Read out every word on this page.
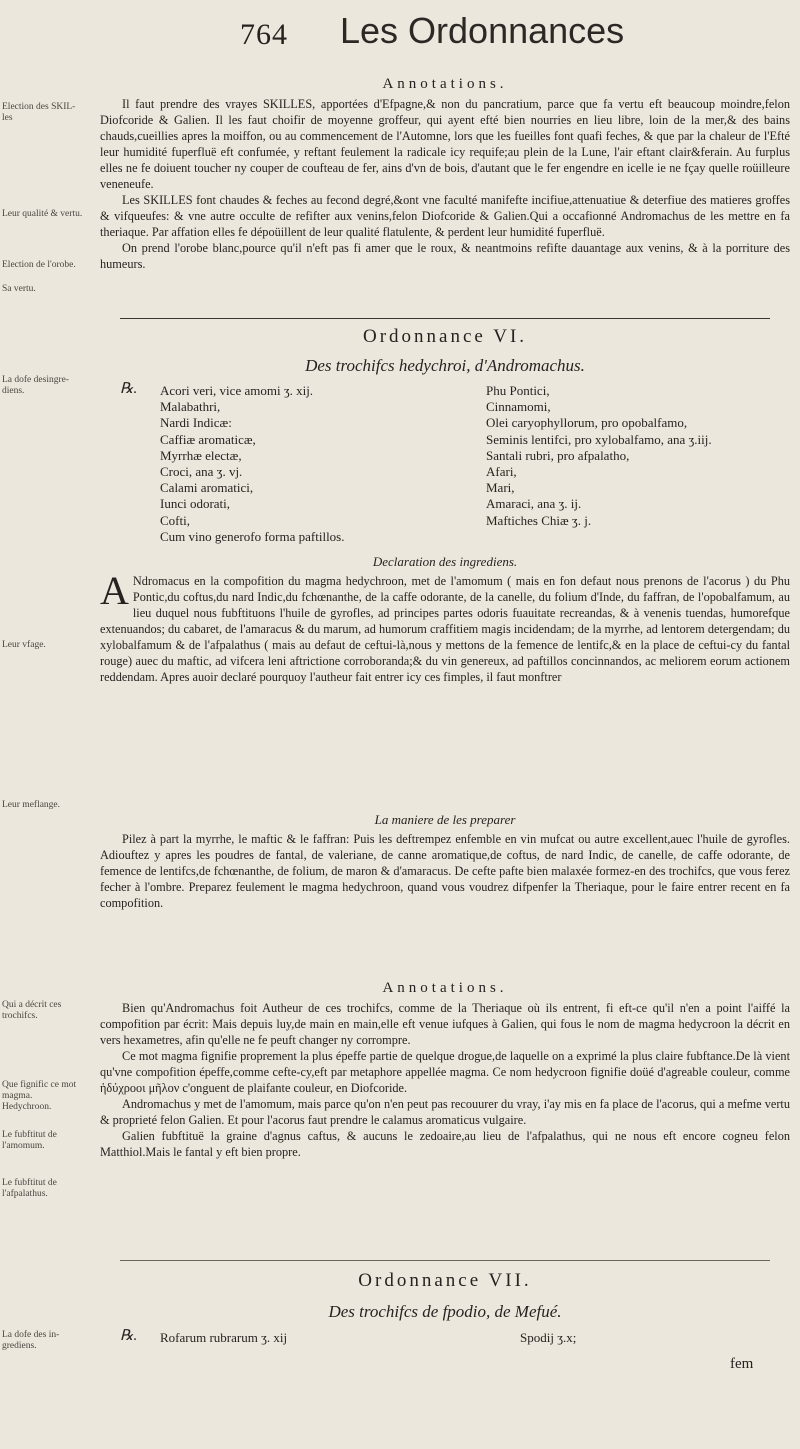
Election des SKIL-les
Leur qualité & vertu.
Election de l'orobe.
Sa vertu.
La dofe desingre-diens.
Leur vfage.
Leur meflange.
Qui a décrit ces trochifcs.
Que fignific ce mot magma. Hedychroon.
Le fubftitut de l'amomum.
Le fubftitut de l'afpalathus.
La dofe des in-grediens.
764 Les Ordonnances
Annotations.

Il faut prendre des vrayes SKILLES, apportées d'Efpagne,& non du pancratium, parce que fa vertu eft beaucoup moindre,felon Diofcoride & Galien. Il les faut choifir de moyenne groffeur, qui ayent efté bien nourries en lieu libre, loin de la mer,& des bains chauds,cueillies apres la moiffon, ou au commencement de l'Automne, lors que les fueilles font quafi feches, & que par la chaleur de l'Efté leur humidité fuperfluë eft confumée, y reftant feulement la radicale icy requife;au plein de la Lune, l'air eftant clair&ferain. Au furplus elles ne fe doiuent toucher ny couper de coufteau de fer, ains d'vn de bois, d'autant que le fer engendre en icelle ie ne fçay quelle roüilleure veneneufe.

Les SKILLES font chaudes & feches au fecond degré,&ont vne faculté manifefte incifiue,attenuatiue & deterfiue des matieres groffes & vifqueufes: & vne autre occulte de refifter aux venins,felon Diofcoride & Galien.Qui a occafionné Andromachus de les mettre en fa theriaque. Par affation elles fe dépoüillent de leur qualité flatulente, & perdent leur humidité fuperfluë.

On prend l'orobe blanc,pource qu'il n'eft pas fi amer que le roux, & neantmoins refifte dauantage aux venins, & à la porriture des humeurs.

Ordonnance VI.
Des trochifcs hedychroi, d'Andromachus.
℞. Acori veri, vice amomi ʒ. xij.
Malabathri,
Nardi Indicæ:
Caffiæ aromaticæ,
Myrrhæ electæ,
Croci, ana ʒ. vj.
Calami aromatici,
Iunci odorati,
Cofti,
Cum vino generofo forma paftillos.
Phu Pontici,
Cinnamomi,
Olei caryophyllorum, pro opobalfamo,
Seminis lentifci, pro xylobalfamo, ana ʒ.iij.
Santali rubri, pro afpalatho,
Afari,
Mari,
Amaraci, ana ʒ. ij.
Maftiches Chiæ ʒ. j.
Declaration des ingrediens.

A Ndromacus en la compofition du magma hedychroon, met de l'amomum ( mais en fon defaut nous prenons de l'acorus ) du Phu Pontic,du coftus,du nard Indic,du fchœnanthe, de la caffe odorante, de la canelle, du folium d'Inde, du faffran, de l'opobalfamum, au lieu duquel nous fubftituons l'huile de gyrofles, ad principes partes odoris fuauitate recreandas, & à venenis tuendas, humorefque extenuandos; du cabaret, de l'amaracus & du marum, ad humorum craffitiem magis incidendam; de la myrrhe, ad lentorem detergendam; du xylobalfamum & de l'afpalathus ( mais au defaut de ceftui-là,nous y mettons de la femence de lentifc,& en la place de ceftui-cy du fantal rouge) auec du maftic, ad vifcera leni aftrictione corroboranda;& du vin genereux, ad paftillos concinnandos, ac meliorem eorum actionem reddendam. Apres auoir declaré pourquoy l'autheur fait entrer icy ces fimples, il faut monftrer

La maniere de les preparer

Pilez à part la myrrhe, le maftic & le faffran: Puis les deftrempez enfemble en vin mufcat ou autre excellent,auec l'huile de gyrofles. Adiouftez y apres les poudres de fantal, de valeriane, de canne aromatique,de coftus, de nard Indic, de canelle, de caffe odorante, de femence de lentifcs,de fchœnanthe, de folium, de maron & d'amaracus. De cefte pafte bien malaxée formez-en des trochifcs, que vous ferez fecher à l'ombre. Preparez feulement le magma hedychroon, quand vous voudrez difpenfer la Theriaque, pour le faire entrer recent en fa compofition.

Annotations.

Bien qu'Andromachus foit Autheur de ces trochifcs, comme de la Theriaque où ils entrent, fi eft-ce qu'il n'en a point l'aiffé la compofition par écrit: Mais depuis luy,de main en main,elle eft venue iufques à Galien, qui fous le nom de magma hedycroon la décrit en vers hexametres, afin qu'elle ne fe peuft changer ny corrompre.

Ce mot magma fignifie proprement la plus épeffe partie de quelque drogue,de laquelle on a exprimé la plus claire fubftance.De là vient qu'vne compofition épeffe,comme cefte-cy,eft par metaphore appellée magma. Ce nom hedycroon fignifie doüé d'agreable couleur, comme ἡδύχροοι μῆλον c'onguent de plaifante couleur, en Diofcoride.

Andromachus y met de l'amomum, mais parce qu'on n'en peut pas recouurer du vray, i'ay mis en fa place de l'acorus, qui a mefme vertu & proprieté felon Galien. Et pour l'acorus faut prendre le calamus aromaticus vulgaire.

Galien fubftituë la graine d'agnus caftus, & aucuns le zedoaire,au lieu de l'afpalathus, qui ne nous eft encore cogneu felon Matthiol.Mais le fantal y eft bien propre.

Ordonnance VII.
Des trochifcs de fpodio, de Mefué.
℞. Rofarum rubrarum ʒ. xij	Spodij ʒ.x;
fem
